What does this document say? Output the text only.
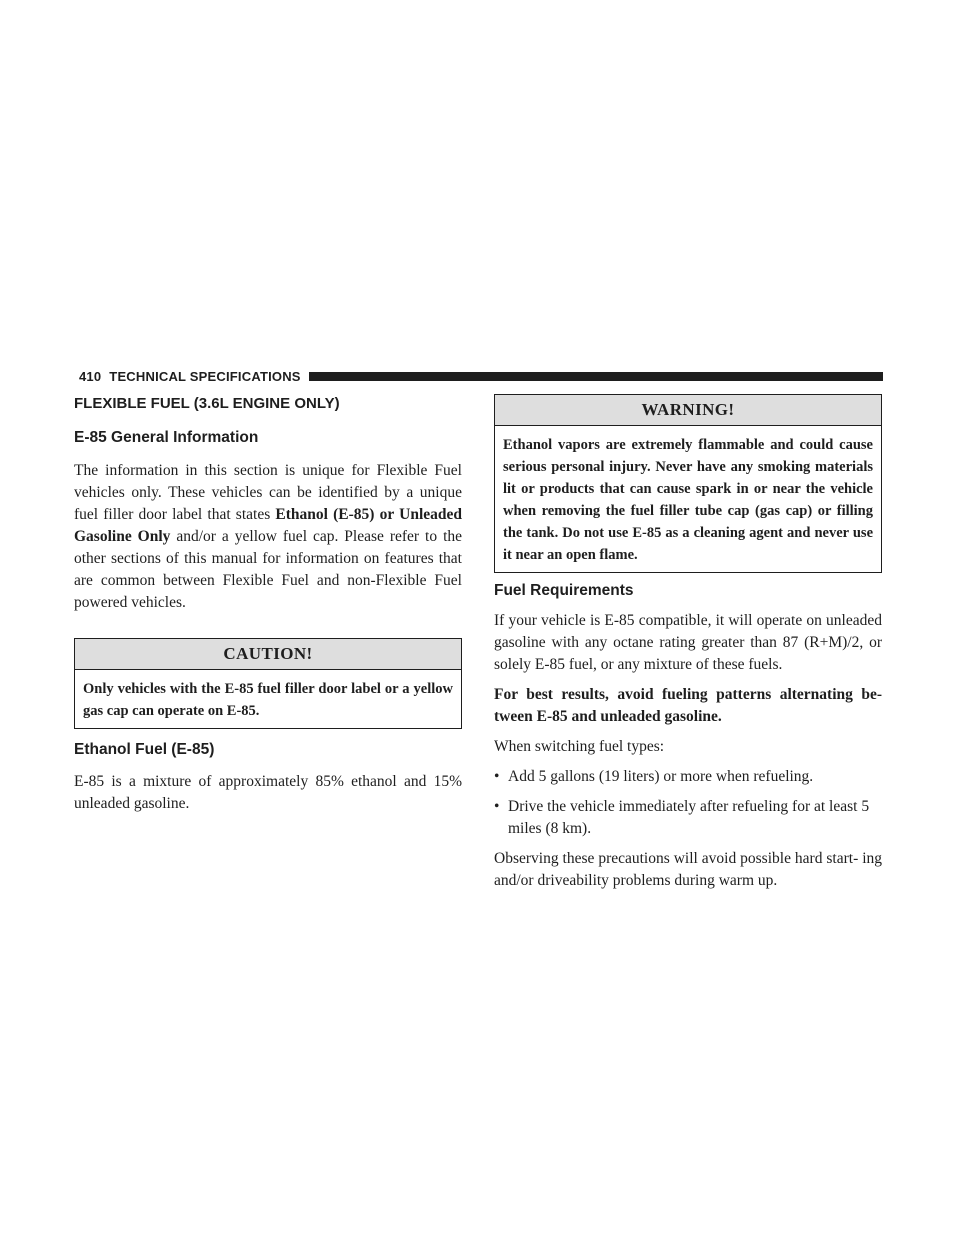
410 TECHNICAL SPECIFICATIONS
FLEXIBLE FUEL (3.6L ENGINE ONLY)
E-85 General Information

The information in this section is unique for Flexible Fuel vehicles only. These vehicles can be identified by a unique fuel filler door label that states Ethanol (E-85) or Unleaded Gasoline Only and/or a yellow fuel cap. Please refer to the other sections of this manual for information on features that are common between Flexible Fuel and non-Flexible Fuel powered vehicles.

CAUTION!
Only vehicles with the E-85 fuel filler door label or a yellow gas cap can operate on E-85.
Ethanol Fuel (E-85)

E-85 is a mixture of approximately 85% ethanol and 15% unleaded gasoline.

WARNING!
Ethanol vapors are extremely flammable and could cause serious personal injury. Never have any smoking materials lit or products that can cause spark in or near the vehicle when removing the fuel filler tube cap (gas cap) or filling the tank. Do not use E-85 as a cleaning agent and never use it near an open flame.
Fuel Requirements

If your vehicle is E-85 compatible, it will operate on unleaded gasoline with any octane rating greater than 87 (R+M)/2, or solely E-85 fuel, or any mixture of these fuels.

For best results, avoid fueling patterns alternating be- tween E-85 and unleaded gasoline.

When switching fuel types:

• Add 5 gallons (19 liters) or more when refueling.
• Drive the vehicle immediately after refueling for at least 5 miles (8 km).

Observing these precautions will avoid possible hard start- ing and/or driveability problems during warm up.
